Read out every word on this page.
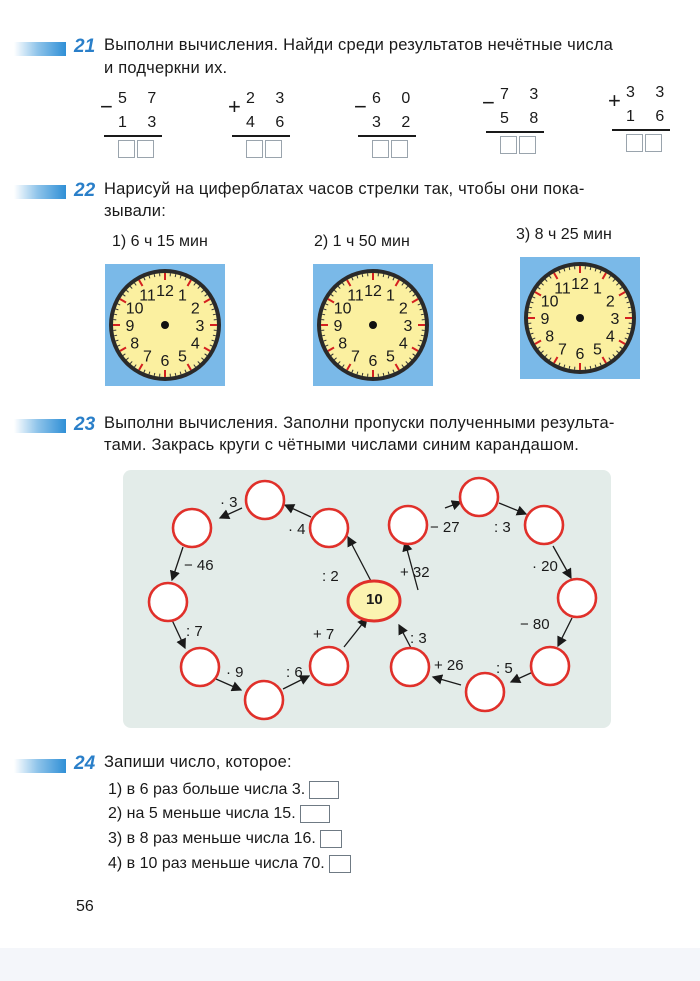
21 Выполни вычисления. Найди среди результатов нечётные числа
и подчеркни их.
− 5 7
1 3
+ 2 3
4 6
− 6 0
3 2
− 7 3
5 8
+ 3 3
1 6
22 Нарисуй на циферблатах часов стрелки так, чтобы они пока-
зывали:
1) 6 ч 15 мин	2) 1 ч 50 мин	3) 8 ч 25 мин
12 1
2
3
4
5
6
7
8
9
10
11	12 1
2
3
4
5
6
7
8
9
10
11
12 1
2
3
4
5
6
7
8
9
10
11
23 Выполни вычисления. Заполни пропуски полученными результа-
тами. Закрась круги с чётными числами синим карандашом.
10
· 3
· 4
− 46
: 2
: 7
· 9	: 6
+ 7
− 27 : 3
+ 32	· 20
− 80
: 3
+ 26 : 5
24 Запиши число, которое:
1) в 6 раз больше числа 3.
2) на 5 меньше числа 15.
3) в 8 раз меньше числа 16.
4) в 10 раз меньше числа 70.
56
